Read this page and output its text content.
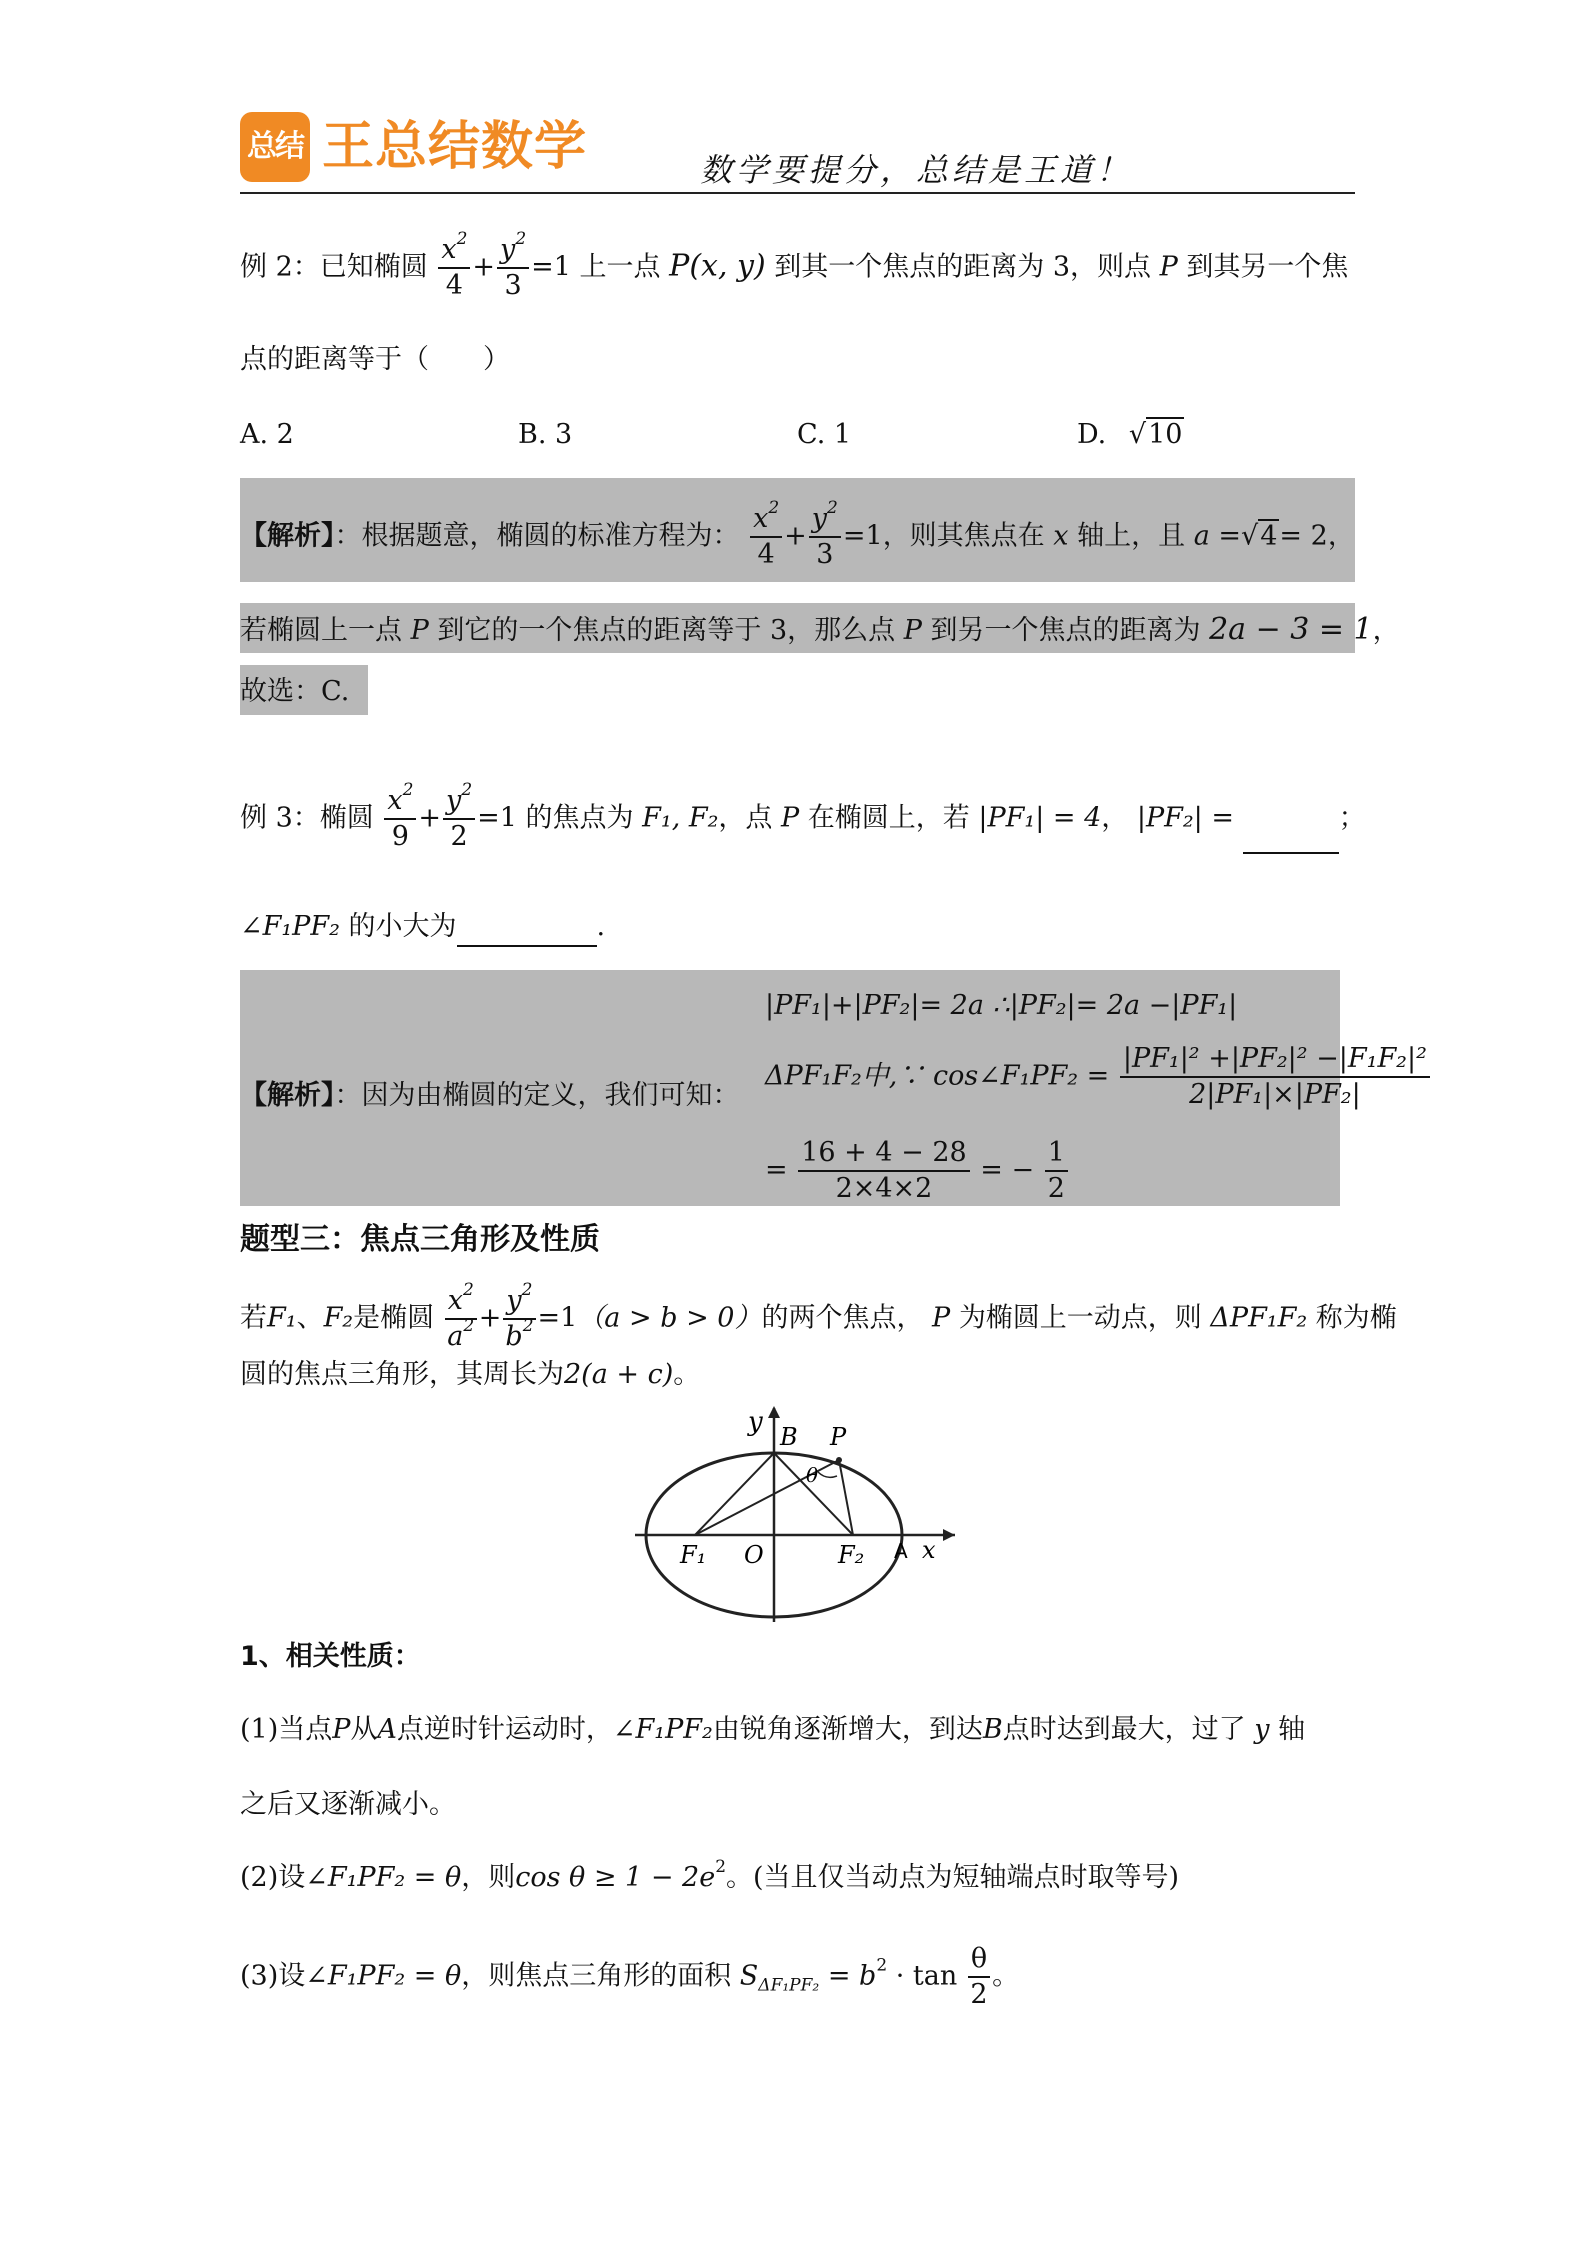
总结 王总结数学	数学要提分，总结是王道！
例 2：已知椭圆 $\frac{x^2}{4} + \frac{y^2}{3} =1$ 上一点 P(x, y) 到其一个焦点的距离为 3，则点 P 到其另一个焦
点的距离等于（　　）
A. 2	B. 3	C. 1	D. √10
【解析】：根据题意，椭圆的标准方程为： $\frac{x^2}{4} + \frac{y^2}{3} =1$，则其焦点在 x 轴上，且 a =√4= 2，
若椭圆上一点 P 到它的一个焦点的距离等于 3，那么点 P 到另一个焦点的距离为 2a − 3 = 1，
故选：C.
例 3：椭圆 $\frac{x^2}{9} + \frac{y^2}{2} =1$ 的焦点为 F₁, F₂，点 P 在椭圆上，若 |PF₁| = 4， |PF₂| =	；
∠F₁PF₂ 的小大为	.
【解析】：因为由椭圆的定义，我们可知：
|PF₁|+|PF₂|= 2a ∴|PF₂|= 2a −|PF₁|
ΔPF₁F₂中,∵ cos∠F₁PF₂ = $\frac{\text{|PF₁|² +|PF₂|² −|F₁F₂|²}}{\text{2|PF₁|×|PF₂|}}$
= $\frac{16 + 4 - 28}{2\times 4\times 2}$ = − $\frac{1}{2}$
题型三：焦点三角形及性质
若F₁、F₂是椭圆 $\frac{x^2}{a^2} + \frac{y^2}{b^2} =1(a > b > 0)$的两个焦点， P 为椭圆上一动点，则 ΔPF₁F₂ 称为椭
圆的焦点三角形，其周长为2(a + c)。
y B P
θ
F₁ O	F₂ A x
1、相关性质：
(1)当点P从A点逆时针运动时，∠F₁PF₂由锐角逐渐增大，到达B点时达到最大，过了 y 轴
之后又逐渐减小。
(2)设∠F₁PF₂ = θ，则$\cos \theta \ge 1 - 2e^2$。(当且仅当动点为短轴端点时取等号)
(3)设∠F₁PF₂ = θ，则焦点三角形的面积 $S_{\Delta F_1PF_2} = b^2 \cdot \tan \frac{\theta}{2}$ 。
